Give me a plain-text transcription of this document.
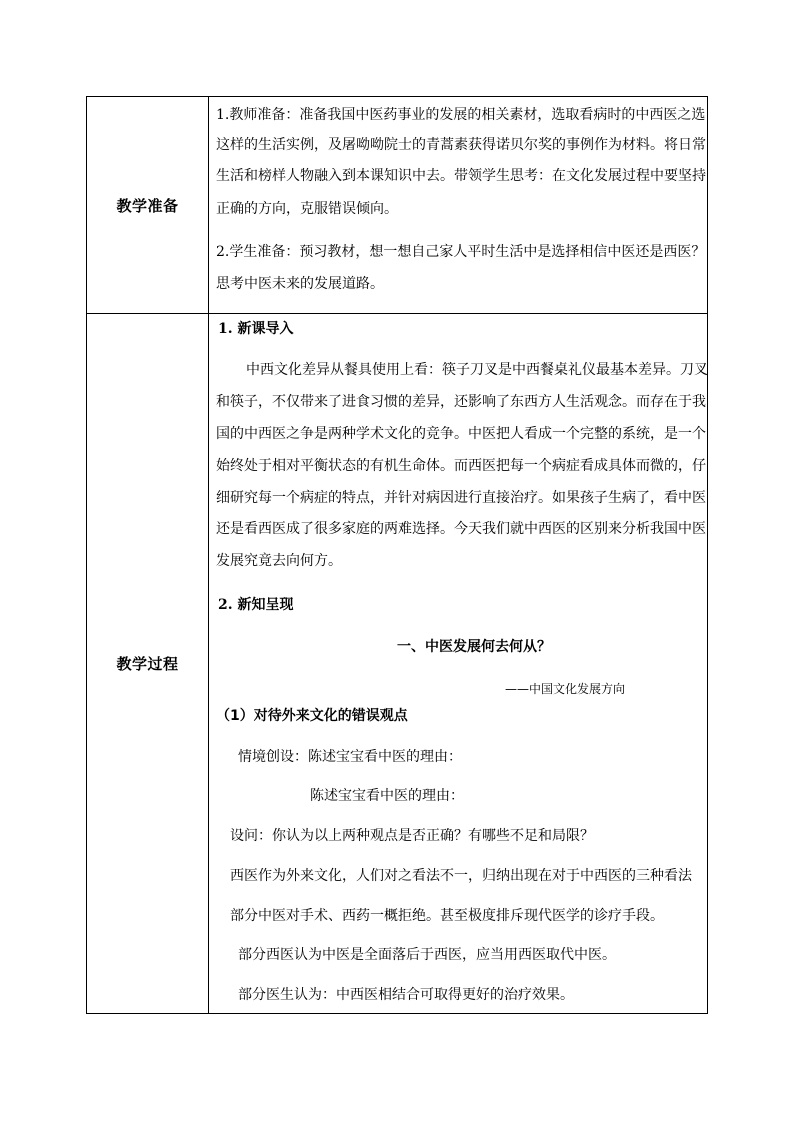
教学准备
1.教师准备：准备我国中医药事业的发展的相关素材，选取看病时的中西医之选
这样的生活实例，及屠呦呦院士的青蒿素获得诺贝尔奖的事例作为材料。将日常
生活和榜样人物融入到本课知识中去。带领学生思考：在文化发展过程中要坚持
正确的方向，克服错误倾向。
2.学生准备：预习教材，想一想自己家人平时生活中是选择相信中医还是西医？
思考中医未来的发展道路。
教学过程
1. 新课导入
中西文化差异从餐具使用上看：筷子刀叉是中西餐桌礼仪最基本差异。刀叉
和筷子，不仅带来了进食习惯的差异，还影响了东西方人生活观念。而存在于我
国的中西医之争是两种学术文化的竞争。中医把人看成一个完整的系统，是一个
始终处于相对平衡状态的有机生命体。而西医把每一个病症看成具体而微的，仔
细研究每一个病症的特点，并针对病因进行直接治疗。如果孩子生病了，看中医
还是看西医成了很多家庭的两难选择。今天我们就中西医的区别来分析我国中医
发展究竟去向何方。
2. 新知呈现
一、中医发展何去何从？
——中国文化发展方向
（1）对待外来文化的错误观点
情境创设：陈述宝宝看中医的理由：
陈述宝宝看中医的理由：
设问：你认为以上两种观点是否正确？有哪些不足和局限？
西医作为外来文化，人们对之看法不一，归纳出现在对于中西医的三种看法
部分中医对手术、西药一概拒绝。甚至极度排斥现代医学的诊疗手段。
部分西医认为中医是全面落后于西医，应当用西医取代中医。
部分医生认为：中西医相结合可取得更好的治疗效果。
